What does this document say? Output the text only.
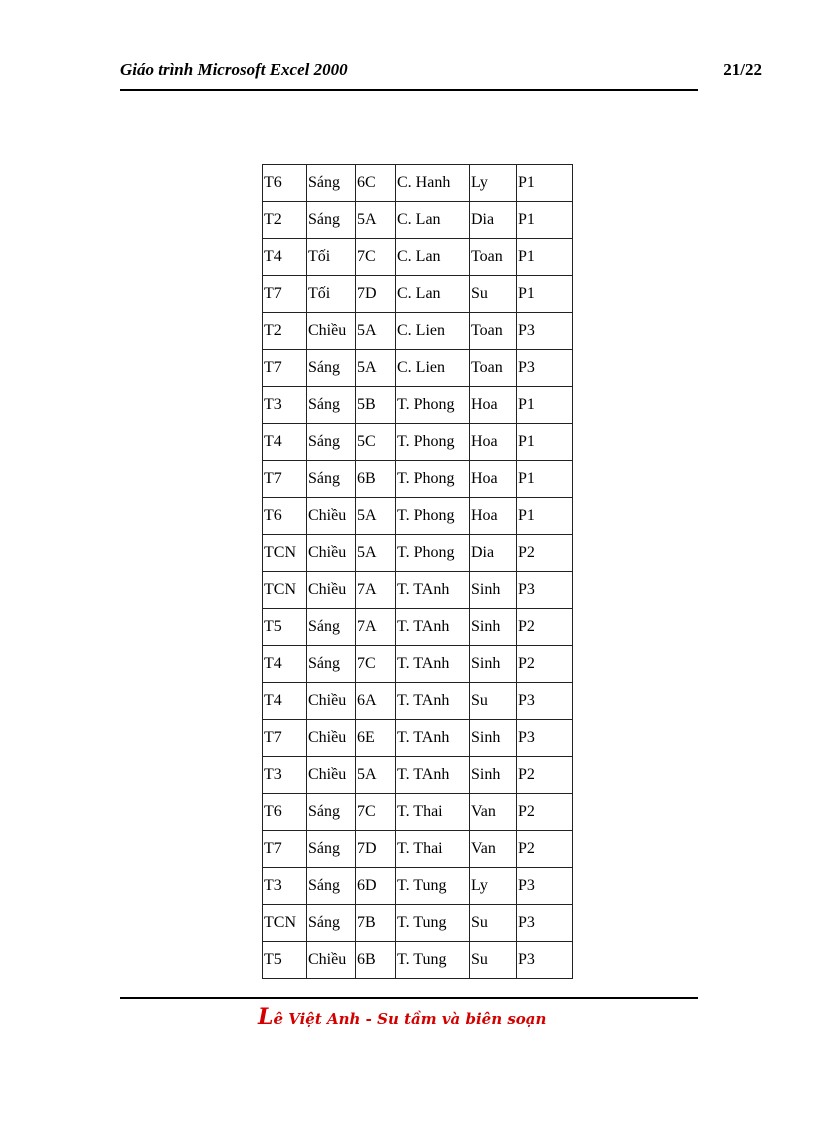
Giáo trình Microsoft Excel 2000	21/22
T6	Sáng	6C	C. Hanh	Ly	P1
T2	Sáng	5A	C. Lan	Dia	P1
T4	Tối	7C	C. Lan	Toan	P1
T7	Tối	7D	C. Lan	Su	P1
T2	Chiều	5A	C. Lien	Toan	P3
T7	Sáng	5A	C. Lien	Toan	P3
T3	Sáng	5B	T. Phong	Hoa	P1
T4	Sáng	5C	T. Phong	Hoa	P1
T7	Sáng	6B	T. Phong	Hoa	P1
T6	Chiều	5A	T. Phong	Hoa	P1
TCN	Chiều	5A	T. Phong	Dia	P2
TCN	Chiều	7A	T. TAnh	Sinh	P3
T5	Sáng	7A	T. TAnh	Sinh	P2
T4	Sáng	7C	T. TAnh	Sinh	P2
T4	Chiều	6A	T. TAnh	Su	P3
T7	Chiều	6E	T. TAnh	Sinh	P3
T3	Chiều	5A	T. TAnh	Sinh	P2
T6	Sáng	7C	T. Thai	Van	P2
T7	Sáng	7D	T. Thai	Van	P2
T3	Sáng	6D	T. Tung	Ly	P3
TCN	Sáng	7B	T. Tung	Su	P3
T5	Chiều	6B	T. Tung	Su	P3
Lê Việt Anh - Su tầm và biên soạn
